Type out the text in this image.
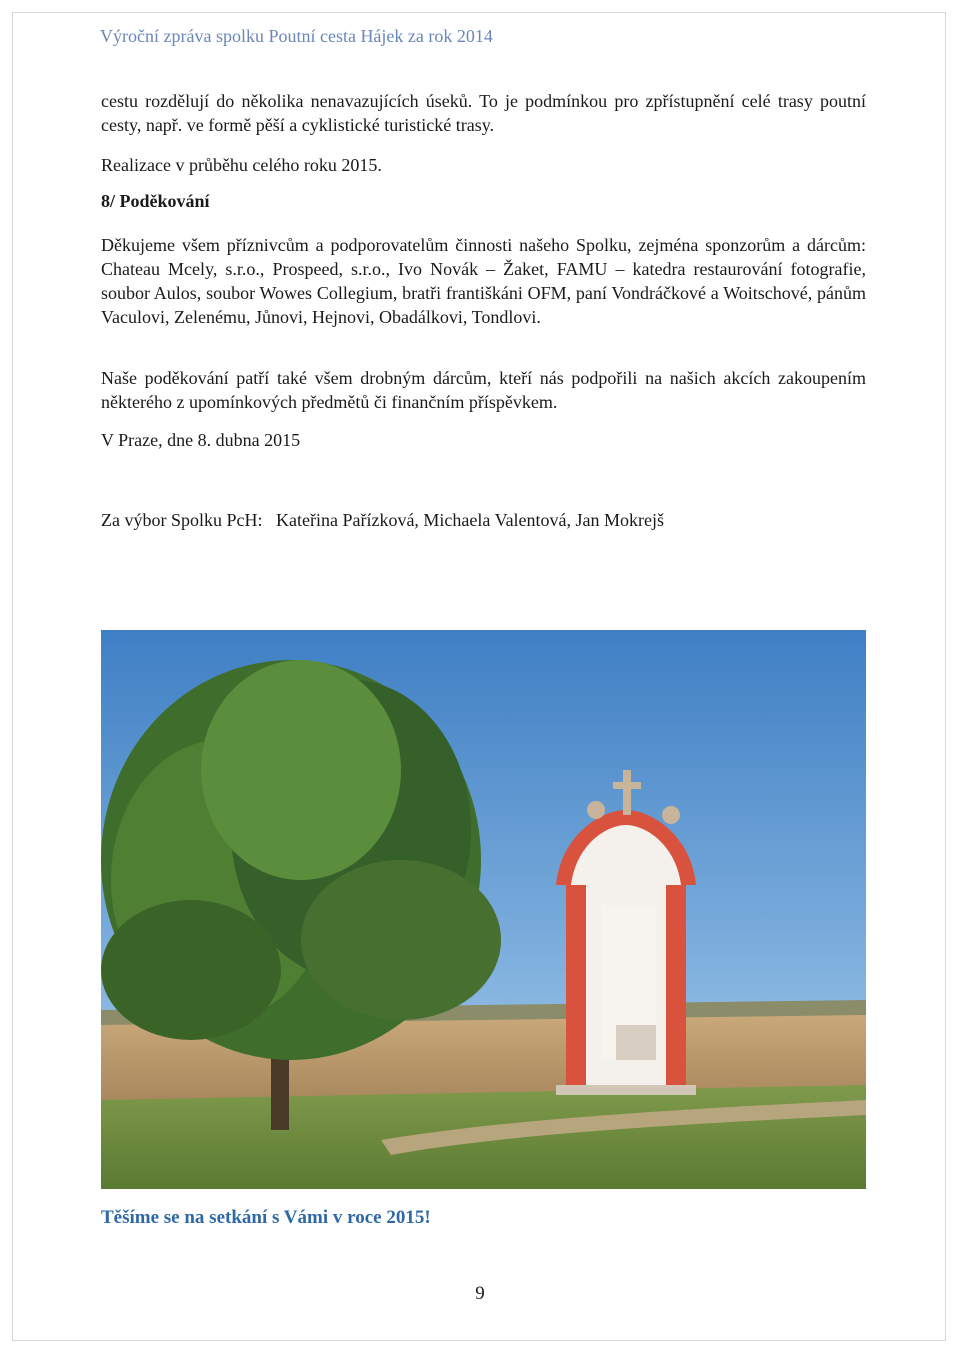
Výroční zpráva spolku Poutní cesta Hájek za rok 2014
cestu rozdělují do několika nenavazujících úseků. To je podmínkou pro zpřístupnění celé trasy poutní cesty, např. ve formě pěší a cyklistické turistické trasy.
Realizace v průběhu celého roku 2015.
8/ Poděkování
Děkujeme všem příznivcům a podporovatelům činnosti našeho Spolku, zejména sponzorům a dárcům: Chateau Mcely, s.r.o., Prospeed, s.r.o., Ivo Novák – Žaket, FAMU – katedra restaurování fotografie, soubor Aulos, soubor Wowes Collegium, bratři františkáni OFM, paní Vondráčkové a Woitschové, pánům Vaculovi, Zelenému, Jůnovi, Hejnovi, Obadálkovi, Tondlovi.
Naše poděkování patří také všem drobným dárcům, kteří nás podpořili na našich akcích zakoupením některého z upomínkových předmětů či finančním příspěvkem.
V Praze, dne 8. dubna 2015
Za výbor Spolku PcH:   Kateřina Pařízková, Michaela Valentová, Jan Mokrejš
Těšíme se na setkání s Vámi v roce 2015!
9
